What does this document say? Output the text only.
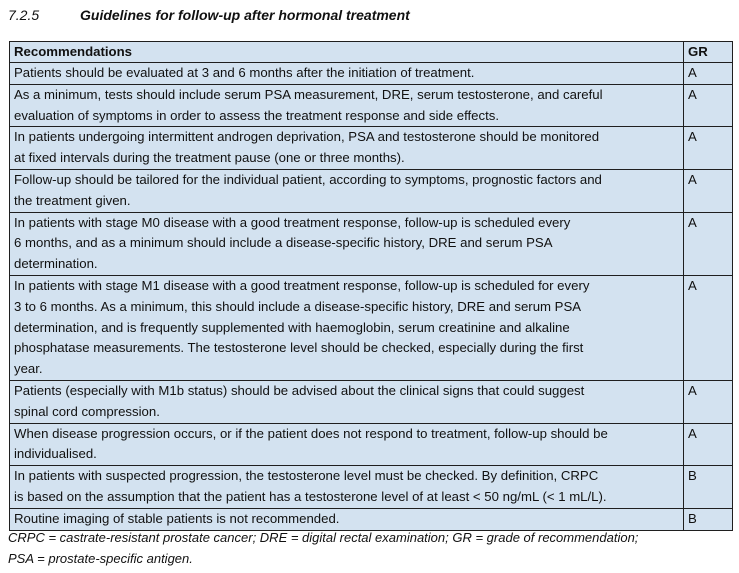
7.2.5	Guidelines for follow-up after hormonal treatment
Recommendations	GR
Patients should be evaluated at 3 and 6 months after the initiation of treatment.	A
As a minimum, tests should include serum PSA measurement, DRE, serum testosterone, and careful
evaluation of symptoms in order to assess the treatment response and side effects.	A
In patients undergoing intermittent androgen deprivation, PSA and testosterone should be monitored
at fixed intervals during the treatment pause (one or three months).	A
Follow-up should be tailored for the individual patient, according to symptoms, prognostic factors and
the treatment given.	A
In patients with stage M0 disease with a good treatment response, follow-up is scheduled every
6 months, and as a minimum should include a disease-specific history, DRE and serum PSA
determination.	A
In patients with stage M1 disease with a good treatment response, follow-up is scheduled for every
3 to 6 months. As a minimum, this should include a disease-specific history, DRE and serum PSA
determination, and is frequently supplemented with haemoglobin, serum creatinine and alkaline
phosphatase measurements. The testosterone level should be checked, especially during the first
year.	A
Patients (especially with M1b status) should be advised about the clinical signs that could suggest
spinal cord compression.	A
When disease progression occurs, or if the patient does not respond to treatment, follow-up should be
individualised.	A
In patients with suspected progression, the testosterone level must be checked. By definition, CRPC
is based on the assumption that the patient has a testosterone level of at least < 50 ng/mL (< 1 mL/L).	B
Routine imaging of stable patients is not recommended.	B
CRPC = castrate-resistant prostate cancer; DRE = digital rectal examination; GR = grade of recommendation;
PSA = prostate-specific antigen.
